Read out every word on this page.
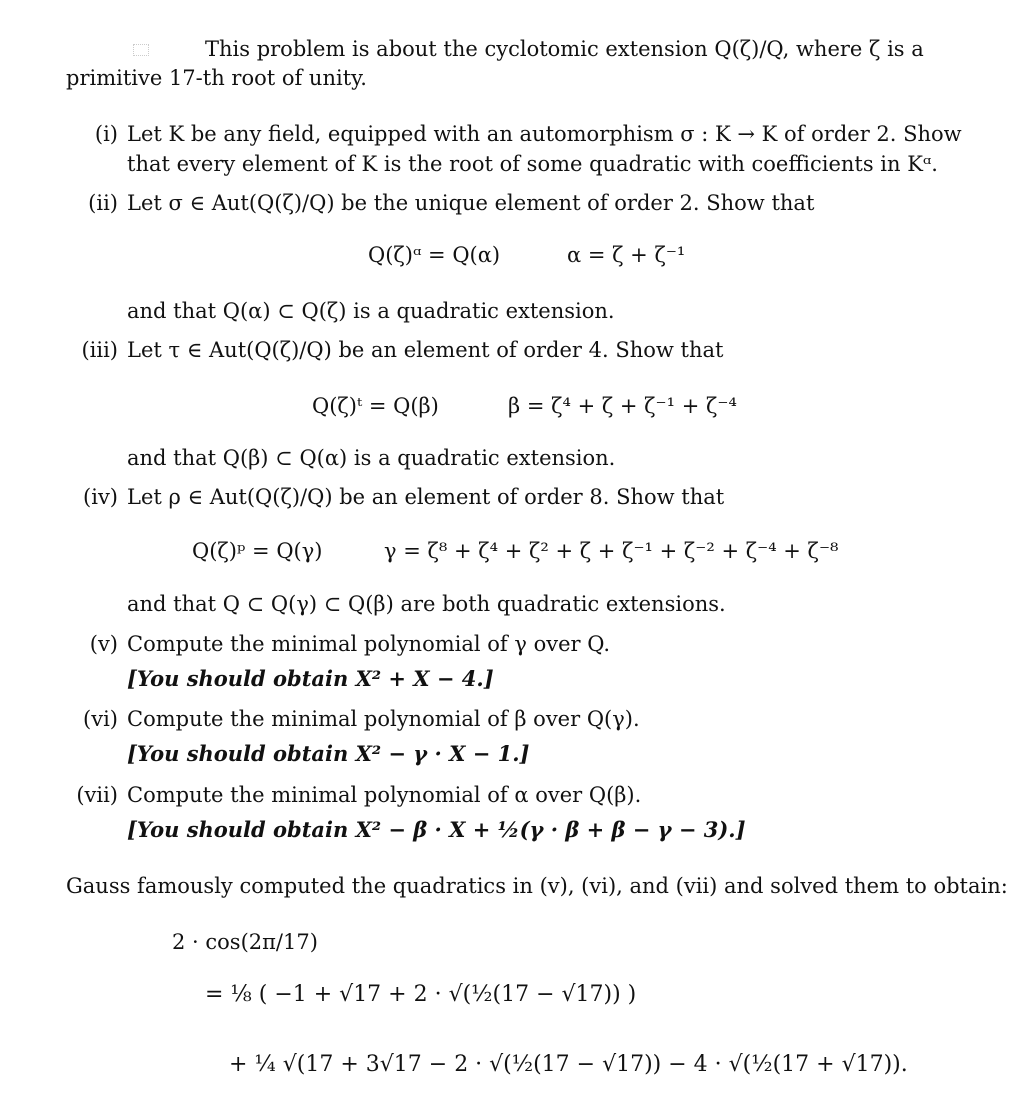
This problem is about the cyclotomic extension Q(ζ)/Q, where ζ is a
primitive 17-th root of unity.
(i) Let K be any field, equipped with an automorphism σ : K → K of order 2. Show
that every element of K is the root of some quadratic with coefficients in Kᵅ.
(ii) Let σ ∈ Aut(Q(ζ)/Q) be the unique element of order 2. Show that
Q(ζ)ᵅ = Q(α)	α = ζ + ζ⁻¹
and that Q(α) ⊂ Q(ζ) is a quadratic extension.
(iii) Let τ ∈ Aut(Q(ζ)/Q) be an element of order 4. Show that
Q(ζ)ᵗ = Q(β)	β = ζ⁴ + ζ + ζ⁻¹ + ζ⁻⁴
and that Q(β) ⊂ Q(α) is a quadratic extension.
(iv) Let ρ ∈ Aut(Q(ζ)/Q) be an element of order 8. Show that
Q(ζ)ᵖ = Q(γ)	γ = ζ⁸ + ζ⁴ + ζ² + ζ + ζ⁻¹ + ζ⁻² + ζ⁻⁴ + ζ⁻⁸
and that Q ⊂ Q(γ) ⊂ Q(β) are both quadratic extensions.
(v) Compute the minimal polynomial of γ over Q.
[You should obtain X² + X − 4.]
(vi) Compute the minimal polynomial of β over Q(γ).
[You should obtain X² − γ · X − 1.]
(vii) Compute the minimal polynomial of α over Q(β).
[You should obtain X² − β · X + ½(γ · β + β − γ − 3).]
Gauss famously computed the quadratics in (v), (vi), and (vii) and solved them to obtain:
2 · cos(2π/17)
= ⅛ ( −1 + √17 + 2 · √(½(17 − √17)) )
+ ¼ √(17 + 3√17 − 2 · √(½(17 − √17)) − 4 · √(½(17 + √17)).
